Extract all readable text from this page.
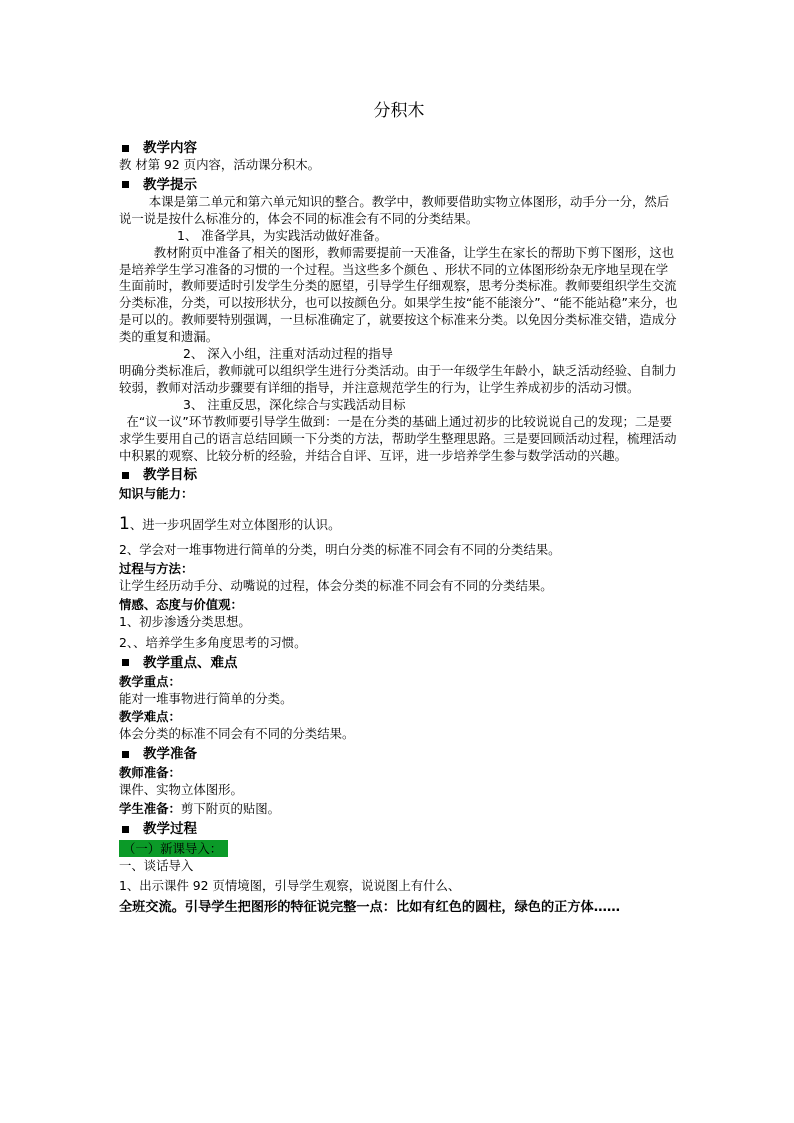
分积木
教学内容

教 材第 92 页内容，活动课分积木。

教学提示

本课是第二单元和第六单元知识的整合。教学中，教师要借助实物立体图形，动手分一分，然后说一说是按什么标准分的，体会不同的标准会有不同的分类结果。

1、 准备学具，为实践活动做好准备。

教材附页中准备了相关的图形，教师需要提前一天准备，让学生在家长的帮助下剪下图形，这也是培养学生学习准备的习惯的一个过程。当这些多个颜色 、形状不同的立体图形纷杂无序地呈现在学生面前时，教师要适时引发学生分类的愿望，引导学生仔细观察，思考分类标准。教师要组织学生交流分类标准，分类，可以按形状分，也可以按颜色分。如果学生按“能不能滚分”、“能不能站稳”来分，也是可以的。教师要特别强调，一旦标准确定了，就要按这个标准来分类。以免因分类标准交错，造成分类的重复和遗漏。

2、 深入小组，注重对活动过程的指导

明确分类标准后，教师就可以组织学生进行分类活动。由于一年级学生年龄小，缺乏活动经验、自制力较弱，教师对活动步骤要有详细的指导，并注意规范学生的行为，让学生养成初步的活动习惯。

3、 注重反思，深化综合与实践活动目标

在“议一议”环节教师要引导学生做到：一是在分类的基础上通过初步的比较说说自己的发现；二是要求学生要用自己的语言总结回顾一下分类的方法，帮助学生整理思路。三是要回顾活动过程，梳理活动中积累的观察、比较分析的经验，并结合自评、互评，进一步培养学生参与数学活动的兴趣。

教学目标

知识与能力：

1、进一步巩固学生对立体图形的认识。

2、学会对一堆事物进行简单的分类，明白分类的标准不同会有不同的分类结果。

过程与方法：

让学生经历动手分、动嘴说的过程，体会分类的标准不同会有不同的分类结果。

情感、态度与价值观：

1、初步渗透分类思想。

2、、培养学生多角度思考的习惯。

教学重点、难点

教学重点：

能对一堆事物进行简单的分类。

教学难点：

体会分类的标准不同会有不同的分类结果。

教学准备

教师准备：

课件、实物立体图形。

学生准备：剪下附页的贴图。

教学过程
（一）新课导入：

一、谈话导入

1、出示课件 92 页情境图，引导学生观察，说说图上有什么、

全班交流。引导学生把图形的特征说完整一点：比如有红色的圆柱，绿色的正方体……
